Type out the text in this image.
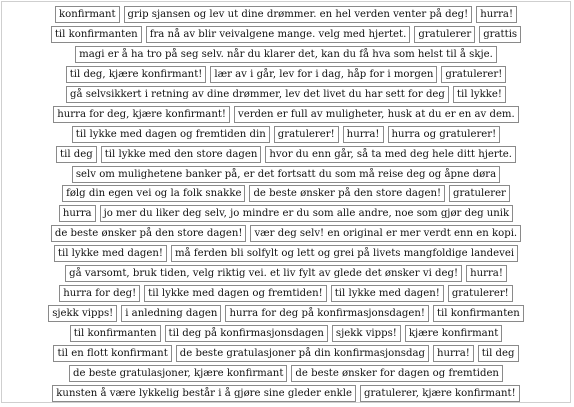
konfirmant	grip sjansen og lev ut dine drømmer. en hel verden venter på deg!	hurra!
til konfirmanten	fra nå av blir veivalgene mange. velg med hjertet.	gratulerer	grattis
magi er å ha tro på seg selv. når du klarer det, kan du få hva som helst til å skje.
til deg, kjære konfirmant!	lær av i går, lev for i dag, håp for i morgen	gratulerer!
gå selvsikkert i retning av dine drømmer, lev det livet du har sett for deg	til lykke!
hurra for deg, kjære konfirmant!	verden er full av muligheter, husk at du er en av dem.
til lykke med dagen og fremtiden din	gratulerer!	hurra!	hurra og gratulerer!
til deg	til lykke med den store dagen	hvor du enn går, så ta med deg hele ditt hjerte.
selv om mulighetene banker på, er det fortsatt du som må reise deg og åpne døra
følg din egen vei og la folk snakke	de beste ønsker på den store dagen!	gratulerer
hurra	jo mer du liker deg selv, jo mindre er du som alle andre, noe som gjør deg unik
de beste ønsker på den store dagen!	vær deg selv! en original er mer verdt enn en kopi.
til lykke med dagen!	må ferden bli solfylt og lett og grei på livets mangfoldige landevei
gå varsomt, bruk tiden, velg riktig vei. et liv fylt av glede det ønsker vi deg!	hurra!
hurra for deg!	til lykke med dagen og fremtiden!	til lykke med dagen!	gratulerer!
sjekk vipps!	i anledning dagen	hurra for deg på konfirmasjonsdagen!	til konfirmanten
til konfirmanten	til deg på konfirmasjonsdagen	sjekk vipps!	kjære konfirmant
til en flott konfirmant	de beste gratulasjoner på din konfirmasjonsdag	hurra!	til deg
de beste gratulasjoner, kjære konfirmant	de beste ønsker for dagen og fremtiden
kunsten å være lykkelig består i å gjøre sine gleder enkle	gratulerer, kjære konfirmant!
